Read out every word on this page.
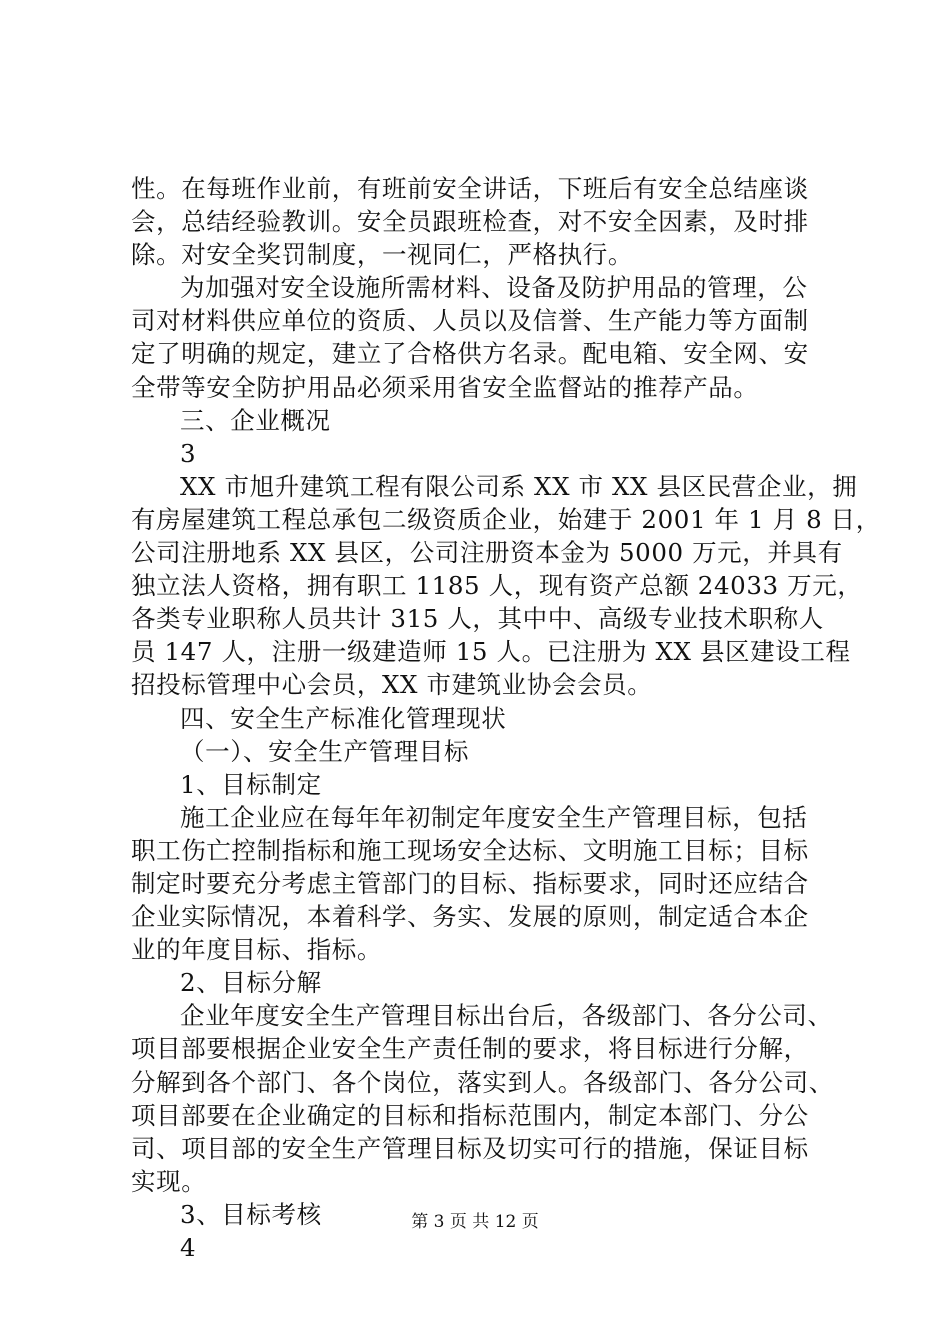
性。在每班作业前，有班前安全讲话，下班后有安全总结座谈
会，总结经验教训。安全员跟班检查，对不安全因素，及时排
除。对安全奖罚制度，一视同仁，严格执行。
为加强对安全设施所需材料、设备及防护用品的管理，公
司对材料供应单位的资质、人员以及信誉、生产能力等方面制
定了明确的规定，建立了合格供方名录。配电箱、安全网、安
全带等安全防护用品必须采用省安全监督站的推荐产品。
三、企业概况
3
XX 市旭升建筑工程有限公司系 XX 市 XX 县区民营企业，拥
有房屋建筑工程总承包二级资质企业，始建于 2001 年 1 月 8 日，
公司注册地系 XX 县区，公司注册资本金为 5000 万元，并具有
独立法人资格，拥有职工 1185 人，现有资产总额 24033 万元，
各类专业职称人员共计 315 人，其中中、高级专业技术职称人
员 147 人，注册一级建造师 15 人。已注册为 XX 县区建设工程
招投标管理中心会员，XX 市建筑业协会会员。
四、安全生产标准化管理现状
（一）、安全生产管理目标
1、目标制定
施工企业应在每年年初制定年度安全生产管理目标，包括
职工伤亡控制指标和施工现场安全达标、文明施工目标；目标
制定时要充分考虑主管部门的目标、指标要求，同时还应结合
企业实际情况，本着科学、务实、发展的原则，制定适合本企
业的年度目标、指标。
2、目标分解
企业年度安全生产管理目标出台后，各级部门、各分公司、
项目部要根据企业安全生产责任制的要求，将目标进行分解，
分解到各个部门、各个岗位，落实到人。各级部门、各分公司、
项目部要在企业确定的目标和指标范围内，制定本部门、分公
司、项目部的安全生产管理目标及切实可行的措施，保证目标
实现。
3、目标考核
4
第 3 页 共 12 页
